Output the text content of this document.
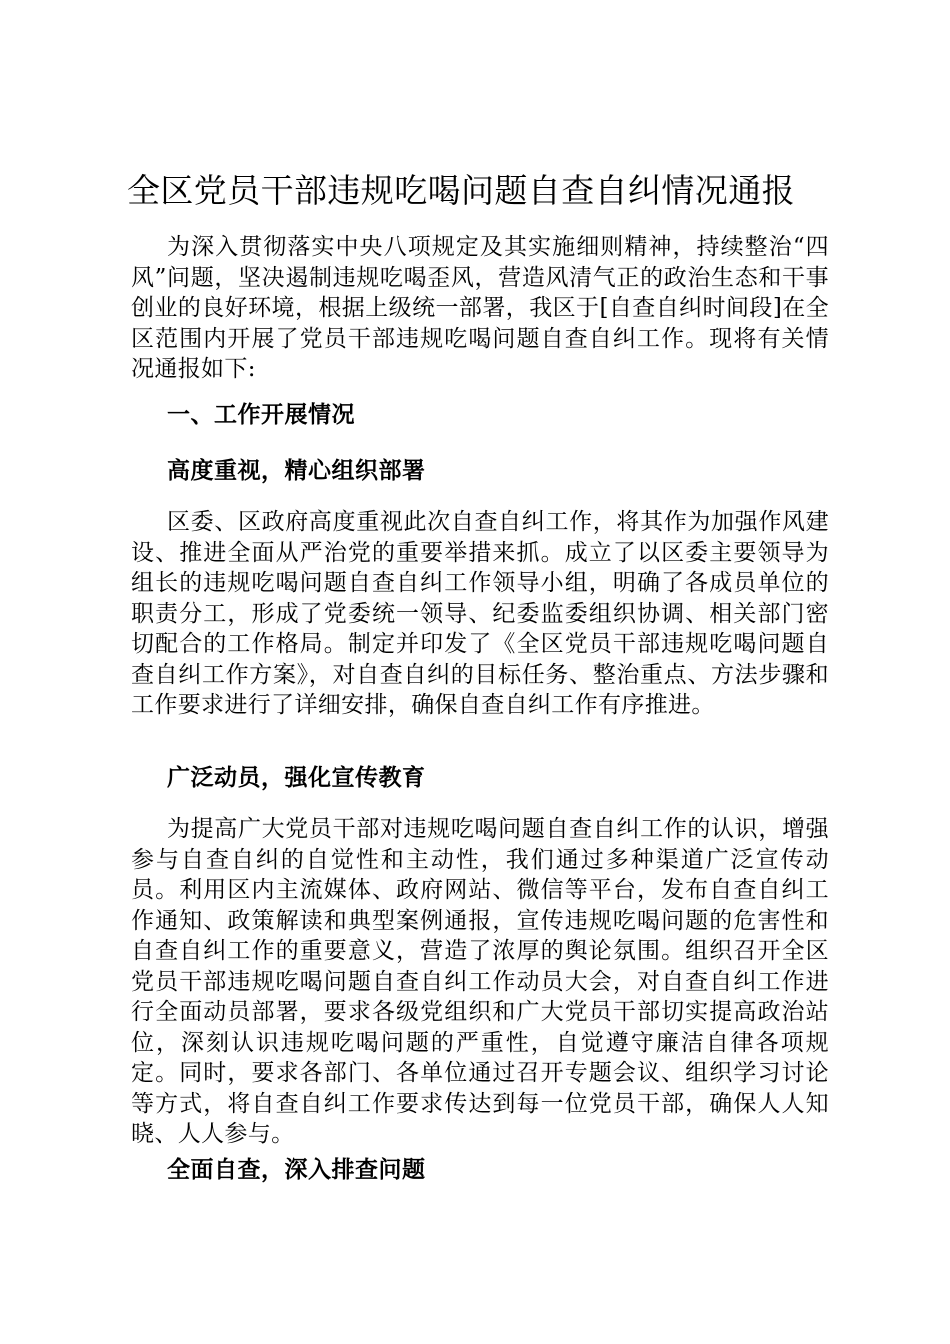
全区党员干部违规吃喝问题自查自纠情况通报

为深入贯彻落实中央八项规定及其实施细则精神，持续整治“四风”问题，坚决遏制违规吃喝歪风，营造风清气正的政治生态和干事创业的良好环境，根据上级统一部署，我区于[自查自纠时间段]在全区范围内开展了党员干部违规吃喝问题自查自纠工作。现将有关情况通报如下:

一、工作开展情况

高度重视，精心组织部署

区委、区政府高度重视此次自查自纠工作，将其作为加强作风建设、推进全面从严治党的重要举措来抓。成立了以区委主要领导为组长的违规吃喝问题自查自纠工作领导小组，明确了各成员单位的职责分工，形成了党委统一领导、纪委监委组织协调、相关部门密切配合的工作格局。制定并印发了《全区党员干部违规吃喝问题自查自纠工作方案》，对自查自纠的目标任务、整治重点、方法步骤和工作要求进行了详细安排，确保自查自纠工作有序推进。

广泛动员，强化宣传教育

为提高广大党员干部对违规吃喝问题自查自纠工作的认识，增强参与自查自纠的自觉性和主动性，我们通过多种渠道广泛宣传动员。利用区内主流媒体、政府网站、微信等平台，发布自查自纠工作通知、政策解读和典型案例通报，宣传违规吃喝问题的危害性和自查自纠工作的重要意义，营造了浓厚的舆论氛围。组织召开全区党员干部违规吃喝问题自查自纠工作动员大会，对自查自纠工作进行全面动员部署，要求各级党组织和广大党员干部切实提高政治站位，深刻认识违规吃喝问题的严重性，自觉遵守廉洁自律各项规定。同时，要求各部门、各单位通过召开专题会议、组织学习讨论等方式，将自查自纠工作要求传达到每一位党员干部，确保人人知晓、人人参与。

全面自查，深入排查问题
